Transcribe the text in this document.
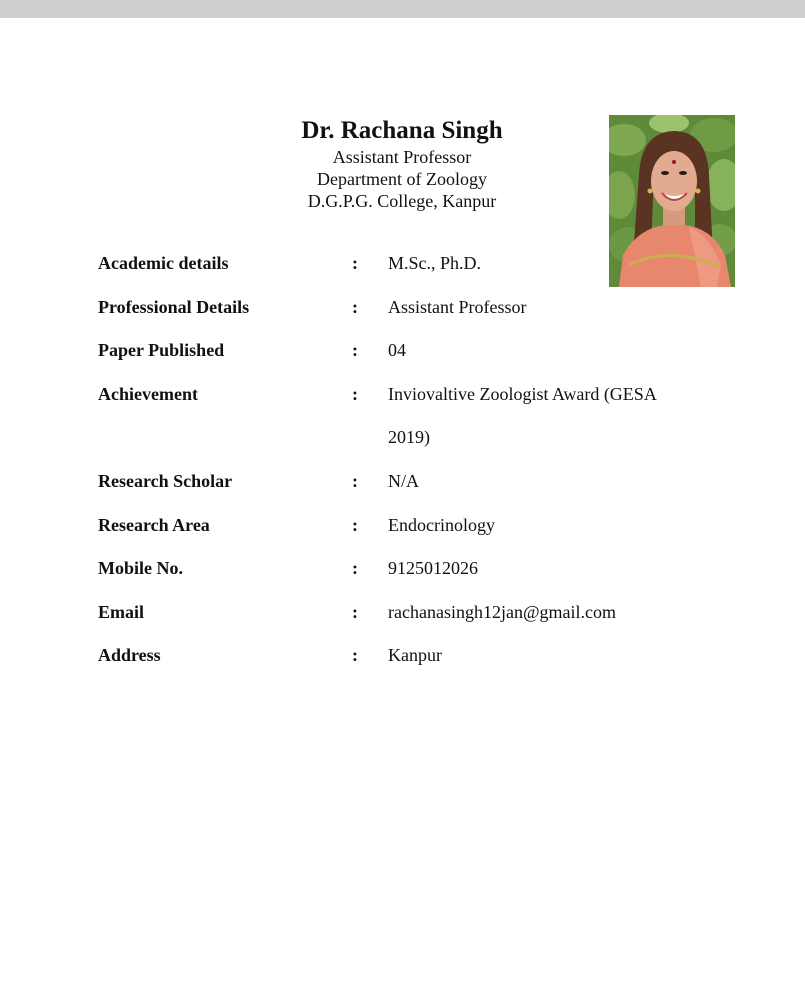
Dr. Rachana Singh
Assistant Professor
Department of Zoology
D.G.P.G. College, Kanpur
Academic details	:	M.Sc., Ph.D.
Professional Details	:	Assistant Professor
Paper Published	:	04
Achievement	:	Inviovaltive Zoologist Award (GESA
2019)
Research Scholar	:	N/A
Research Area	:	Endocrinology
Mobile No.	:	9125012026
Email	:	rachanasingh12jan@gmail.com
Address	:	Kanpur
